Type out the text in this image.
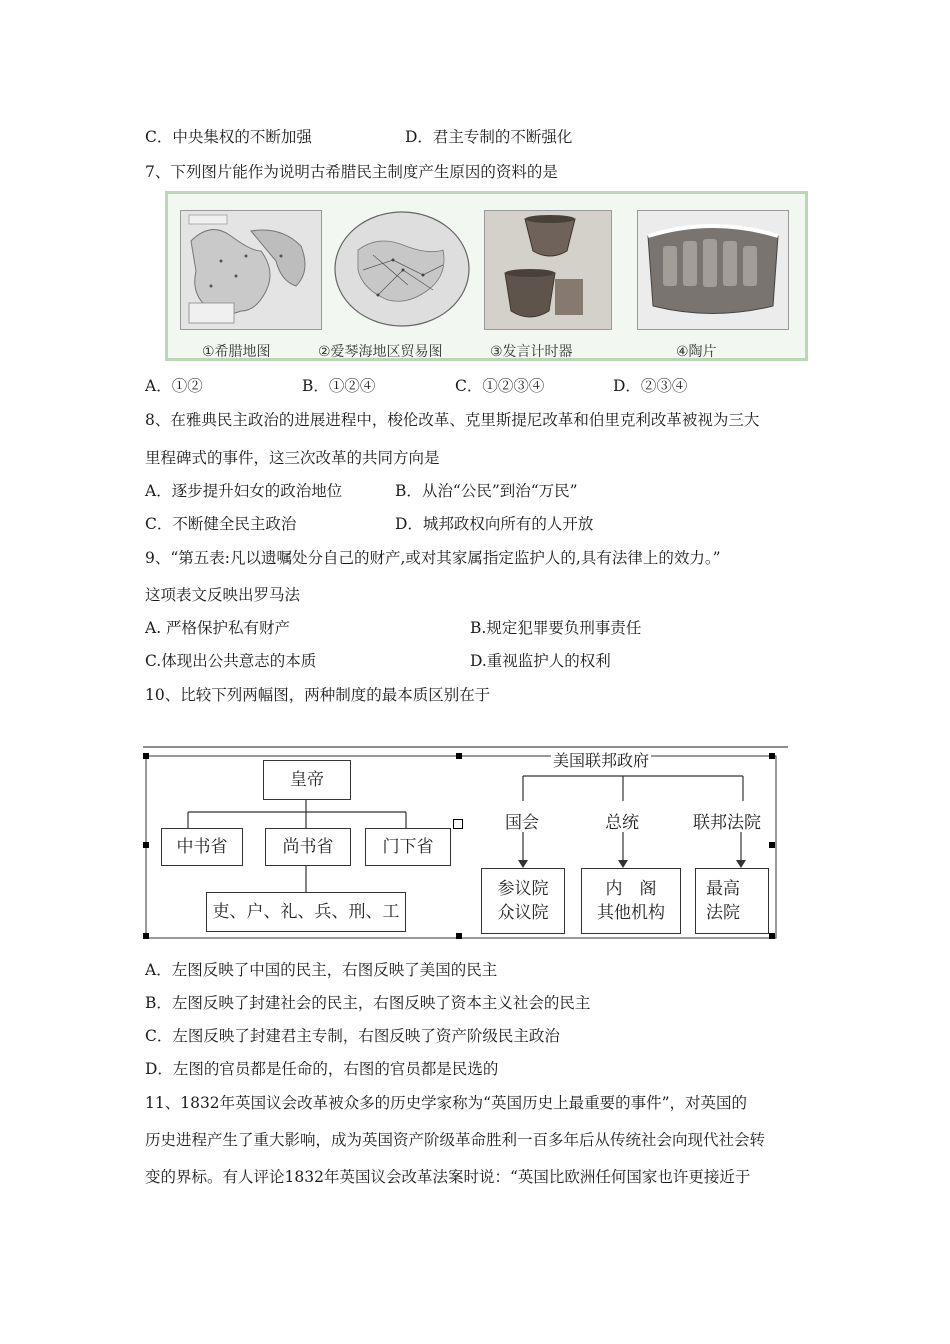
C．中央集权的不断加强	D．君主专制的不断强化
7、下列图片能作为说明古希腊民主制度产生原因的资料的是
①希腊地图	②爱琴海地区贸易图	③发言计时器	④陶片
A．①②	B．①②④	C．①②③④	D．②③④
8、在雅典民主政治的进展进程中，梭伦改革、克里斯提尼改革和伯里克利改革被视为三大
里程碑式的事件，这三次改革的共同方向是
A．逐步提升妇女的政治地位	B．从治“公民”到治“万民”
C．不断健全民主政治	D．城邦政权向所有的人开放
9、“第五表:凡以遗嘱处分自己的财产,或对其家属指定监护人的,具有法律上的效力。”
这项表文反映出罗马法
A. 严格保护私有财产	B.规定犯罪要负刑事责任
C.体现出公共意志的本质	D.重视监护人的权利
10、比较下列两幅图，两种制度的最本质区别在于
皇帝
中书省	尚书省	门下省
吏、户、礼、兵、刑、工
美国联邦政府
国会	总统	联邦法院
参议院
众议院
内　阁
其他机构
最高
法院
A．左图反映了中国的民主，右图反映了美国的民主
B．左图反映了封建社会的民主，右图反映了资本主义社会的民主
C．左图反映了封建君主专制，右图反映了资产阶级民主政治
D．左图的官员都是任命的，右图的官员都是民选的
11、1832年英国议会改革被众多的历史学家称为“英国历史上最重要的事件”，对英国的
历史进程产生了重大影响，成为英国资产阶级革命胜利一百多年后从传统社会向现代社会转
变的界标。有人评论1832年英国议会改革法案时说：“英国比欧洲任何国家也许更接近于
